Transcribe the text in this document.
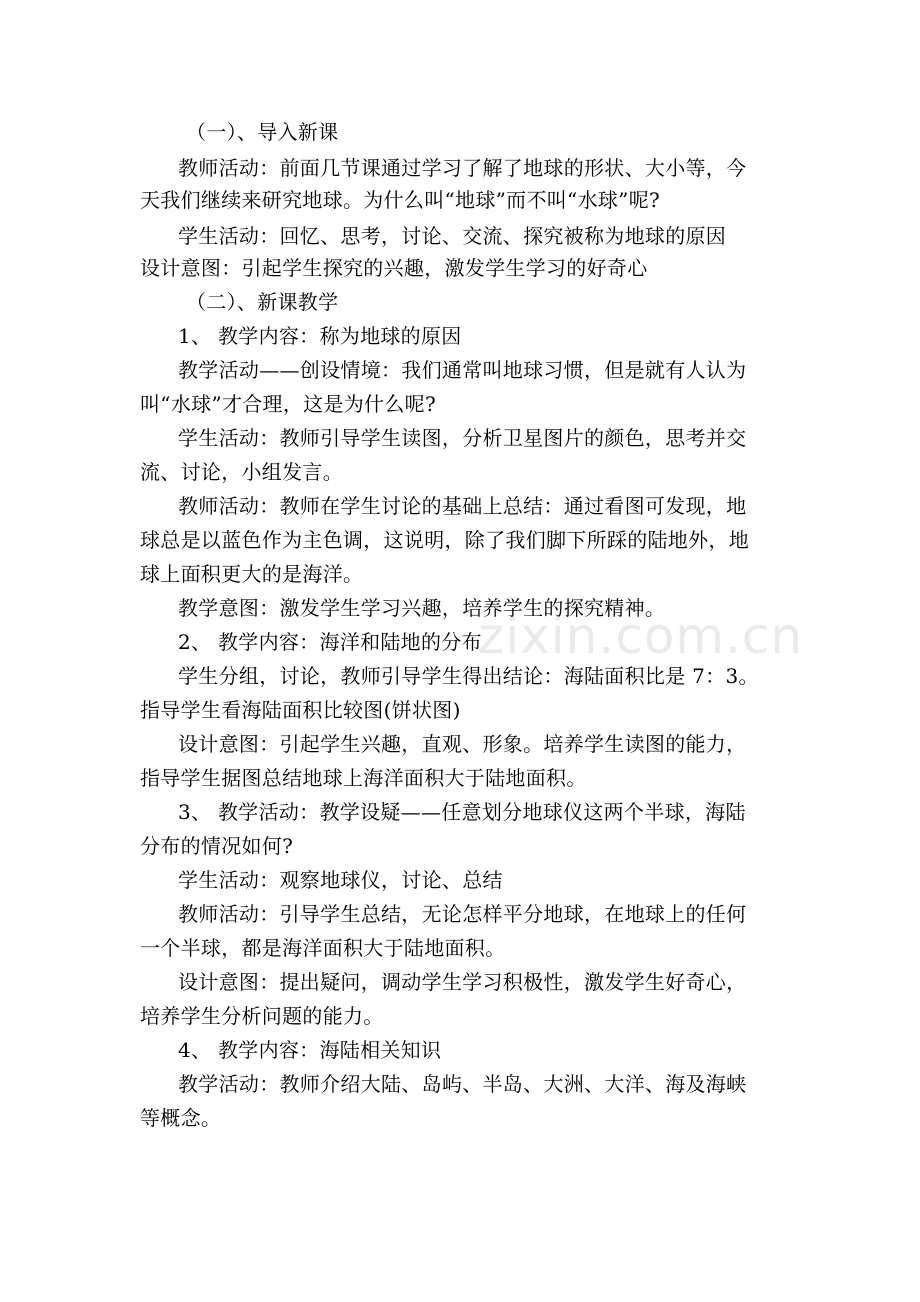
（一）、导入新课
教师活动：前面几节课通过学习了解了地球的形状、大小等，今
天我们继续来研究地球。为什么叫“地球”而不叫“水球”呢?
学生活动：回忆、思考，讨论、交流、探究被称为地球的原因
设计意图：引起学生探究的兴趣，激发学生学习的好奇心
（二）、新课教学
1、 教学内容：称为地球的原因
教学活动——创设情境：我们通常叫地球习惯，但是就有人认为
叫“水球”才合理，这是为什么呢?
学生活动：教师引导学生读图，分析卫星图片的颜色，思考并交
流、讨论，小组发言。
教师活动：教师在学生讨论的基础上总结：通过看图可发现，地
球总是以蓝色作为主色调，这说明，除了我们脚下所踩的陆地外，地
球上面积更大的是海洋。
教学意图：激发学生学习兴趣，培养学生的探究精神。
2、 教学内容：海洋和陆地的分布
学生分组，讨论，教师引导学生得出结论：海陆面积比是 7：3。
指导学生看海陆面积比较图(饼状图)
设计意图：引起学生兴趣，直观、形象。培养学生读图的能力，
指导学生据图总结地球上海洋面积大于陆地面积。
3、 教学活动：教学设疑——任意划分地球仪这两个半球，海陆
分布的情况如何?
学生活动：观察地球仪，讨论、总结
教师活动：引导学生总结，无论怎样平分地球，在地球上的任何
一个半球，都是海洋面积大于陆地面积。
设计意图：提出疑问，调动学生学习积极性，激发学生好奇心，
培养学生分析问题的能力。
4、 教学内容：海陆相关知识
教学活动：教师介绍大陆、岛屿、半岛、大洲、大洋、海及海峡
等概念。
zixin.com.cn
